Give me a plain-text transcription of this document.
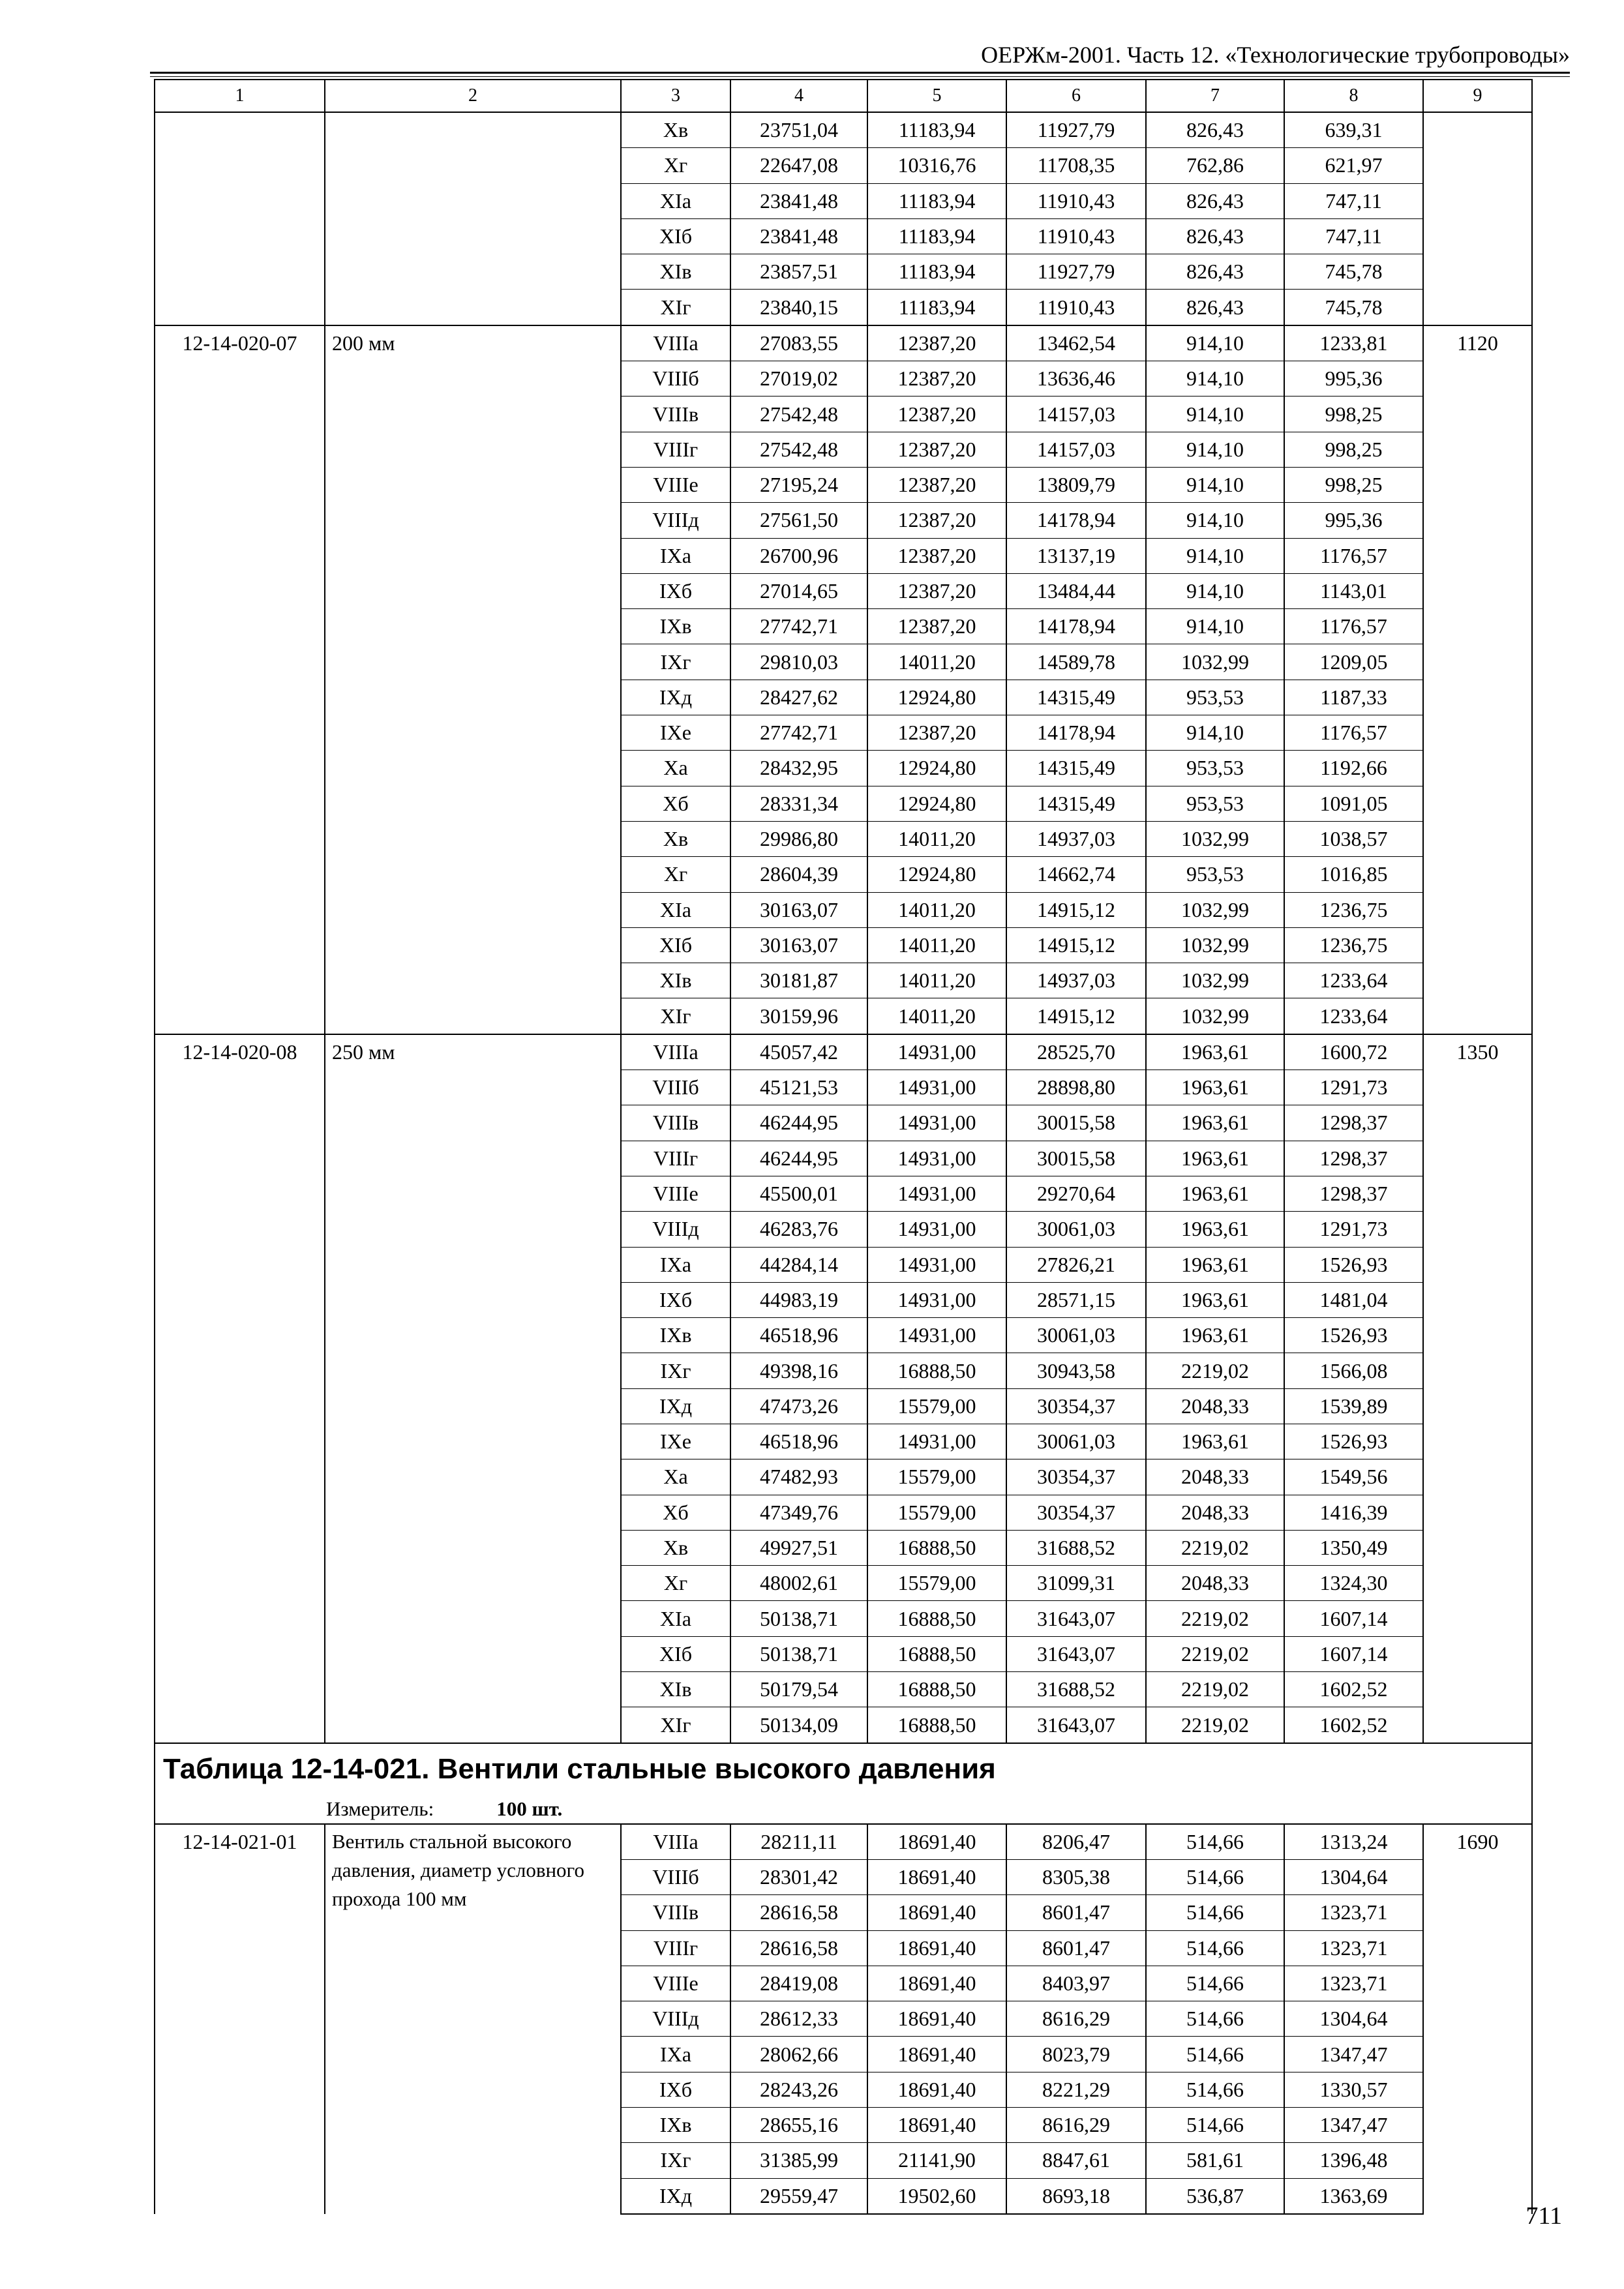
ОЕРЖм-2001. Часть 12. «Технологические трубопроводы»
1	2	3	4	5	6	7	8	9
		Xв	23751,04	11183,94	11927,79	826,43	639,31	
		Xг	22647,08	10316,76	11708,35	762,86	621,97	
		XIа	23841,48	11183,94	11910,43	826,43	747,11	
		XIб	23841,48	11183,94	11910,43	826,43	747,11	
		XIв	23857,51	11183,94	11927,79	826,43	745,78	
		XIг	23840,15	11183,94	11910,43	826,43	745,78	
12-14-020-07	200 мм	VIIIа	27083,55	12387,20	13462,54	914,10	1233,81	1120
		VIIIб	27019,02	12387,20	13636,46	914,10	995,36	
		VIIIв	27542,48	12387,20	14157,03	914,10	998,25	
		VIIIг	27542,48	12387,20	14157,03	914,10	998,25	
		VIIIе	27195,24	12387,20	13809,79	914,10	998,25	
		VIIIд	27561,50	12387,20	14178,94	914,10	995,36	
		IXа	26700,96	12387,20	13137,19	914,10	1176,57	
		IXб	27014,65	12387,20	13484,44	914,10	1143,01	
		IXв	27742,71	12387,20	14178,94	914,10	1176,57	
		IXг	29810,03	14011,20	14589,78	1032,99	1209,05	
		IXд	28427,62	12924,80	14315,49	953,53	1187,33	
		IXе	27742,71	12387,20	14178,94	914,10	1176,57	
		Xа	28432,95	12924,80	14315,49	953,53	1192,66	
		Xб	28331,34	12924,80	14315,49	953,53	1091,05	
		Xв	29986,80	14011,20	14937,03	1032,99	1038,57	
		Xг	28604,39	12924,80	14662,74	953,53	1016,85	
		XIа	30163,07	14011,20	14915,12	1032,99	1236,75	
		XIб	30163,07	14011,20	14915,12	1032,99	1236,75	
		XIв	30181,87	14011,20	14937,03	1032,99	1233,64	
		XIг	30159,96	14011,20	14915,12	1032,99	1233,64	
12-14-020-08	250 мм	VIIIа	45057,42	14931,00	28525,70	1963,61	1600,72	1350
		VIIIб	45121,53	14931,00	28898,80	1963,61	1291,73	
		VIIIв	46244,95	14931,00	30015,58	1963,61	1298,37	
		VIIIг	46244,95	14931,00	30015,58	1963,61	1298,37	
		VIIIе	45500,01	14931,00	29270,64	1963,61	1298,37	
		VIIIд	46283,76	14931,00	30061,03	1963,61	1291,73	
		IXа	44284,14	14931,00	27826,21	1963,61	1526,93	
		IXб	44983,19	14931,00	28571,15	1963,61	1481,04	
		IXв	46518,96	14931,00	30061,03	1963,61	1526,93	
		IXг	49398,16	16888,50	30943,58	2219,02	1566,08	
		IXд	47473,26	15579,00	30354,37	2048,33	1539,89	
		IXе	46518,96	14931,00	30061,03	1963,61	1526,93	
		Xа	47482,93	15579,00	30354,37	2048,33	1549,56	
		Xб	47349,76	15579,00	30354,37	2048,33	1416,39	
		Xв	49927,51	16888,50	31688,52	2219,02	1350,49	
		Xг	48002,61	15579,00	31099,31	2048,33	1324,30	
		XIа	50138,71	16888,50	31643,07	2219,02	1607,14	
		XIб	50138,71	16888,50	31643,07	2219,02	1607,14	
		XIв	50179,54	16888,50	31688,52	2219,02	1602,52	
		XIг	50134,09	16888,50	31643,07	2219,02	1602,52	
Таблица 12-14-021. Вентили стальные высокого давления								
Измеритель: 100 шт.								
12-14-021-01	Вентиль стальной высокого давления, диаметр условного прохода 100 мм	VIIIа	28211,11	18691,40	8206,47	514,66	1313,24	1690
		VIIIб	28301,42	18691,40	8305,38	514,66	1304,64	
		VIIIв	28616,58	18691,40	8601,47	514,66	1323,71	
		VIIIг	28616,58	18691,40	8601,47	514,66	1323,71	
		VIIIе	28419,08	18691,40	8403,97	514,66	1323,71	
		VIIIд	28612,33	18691,40	8616,29	514,66	1304,64	
		IXа	28062,66	18691,40	8023,79	514,66	1347,47	
		IXб	28243,26	18691,40	8221,29	514,66	1330,57	
		IXв	28655,16	18691,40	8616,29	514,66	1347,47	
		IXг	31385,99	21141,90	8847,61	581,61	1396,48	
		IXд	29559,47	19502,60	8693,18	536,87	1363,69	
711
